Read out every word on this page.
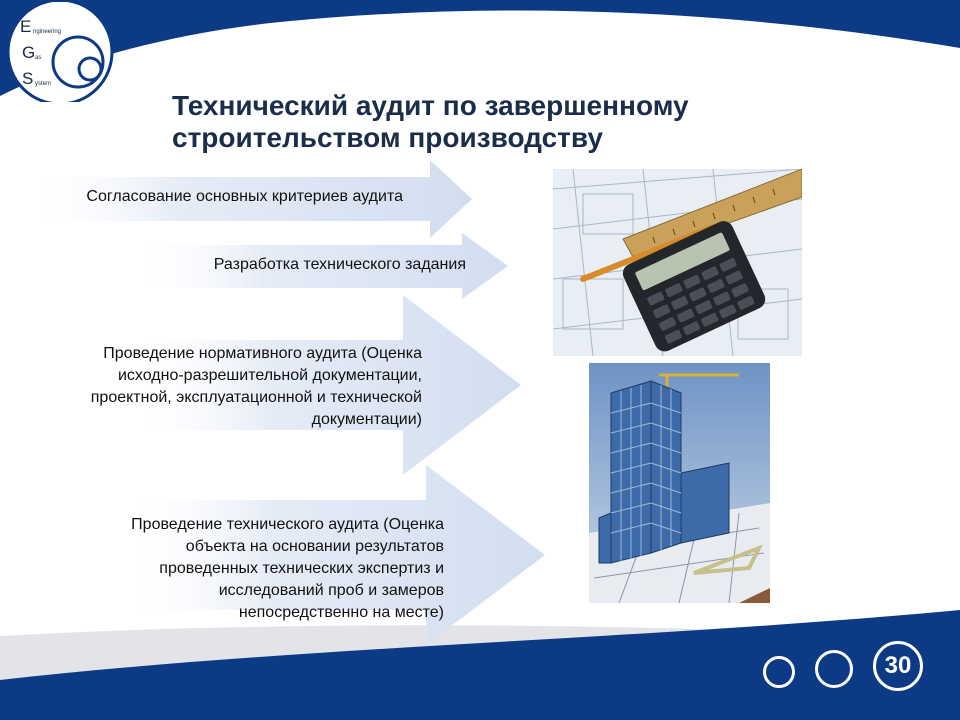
E ngineering
G as
S ystem
Технический аудит по завершенному
строительством производству

Согласование основных критериев аудита

Разработка технического задания

Проведение нормативного аудита (Оценка
исходно-разрешительной документации,
проектной, эксплуатационной и технической
документации)

Проведение технического аудита (Оценка
объекта на основании результатов
проведенных технических экспертиз и
исследований проб и замеров
непосредственно на месте)

30
